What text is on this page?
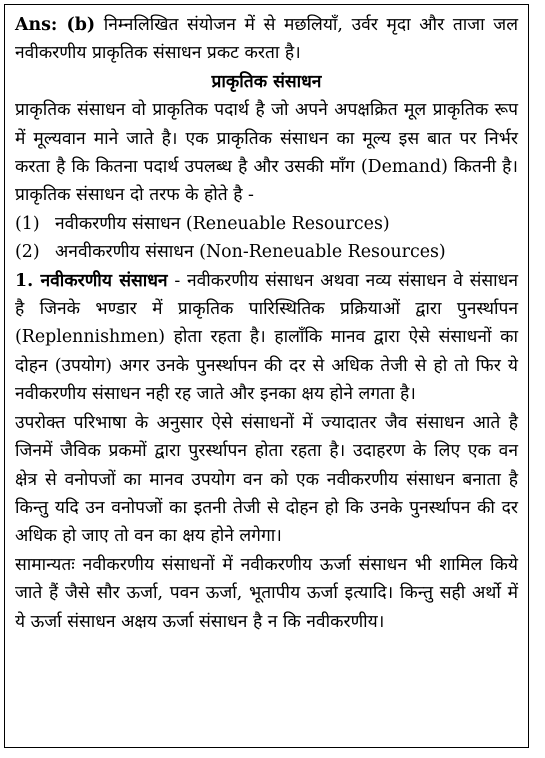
Ans: (b) निम्नलिखित संयोजन में से मछलियाँ, उर्वर मृदा और ताजा जल नवीकरणीय प्राकृतिक संसाधन प्रकट करता है।

प्राकृतिक संसाधन

प्राकृतिक संसाधन वो प्राकृतिक पदार्थ है जो अपने अपक्षक्रित मूल प्राकृतिक रूप में मूल्यवान माने जाते है। एक प्राकृतिक संसाधन का मूल्य इस बात पर निर्भर करता है कि कितना पदार्थ उपलब्ध है और उसकी माँग (Demand) कितनी है। प्राकृतिक संसाधन दो तरफ के होते है -

(1) नवीकरणीय संसाधन (Reneuable Resources)
(2) अनवीकरणीय संसाधन (Non-Reneuable Resources)

1. नवीकरणीय संसाधन - नवीकरणीय संसाधन अथवा नव्य संसाधन वे संसाधन है जिनके भण्डार में प्राकृतिक पारिस्थितिक प्रक्रियाओं द्वारा पुनर्स्थापन (Replennishmen) होता रहता है। हालाँकि मानव द्वारा ऐसे संसाधनों का दोहन (उपयोग) अगर उनके पुनर्स्थापन की दर से अधिक तेजी से हो तो फिर ये नवीकरणीय संसाधन नही रह जाते और इनका क्षय होने लगता है।

उपरोक्त परिभाषा के अनुसार ऐसे संसाधनों में ज्यादातर जैव संसाधन आते है जिनमें जैविक प्रकमों द्वारा पुरर्स्थापन होता रहता है। उदाहरण के लिए एक वन क्षेत्र से वनोपजों का मानव उपयोग वन को एक नवीकरणीय संसाधन बनाता है किन्तु यदि उन वनोपजों का इतनी तेजी से दोहन हो कि उनके पुनर्स्थापन की दर अधिक हो जाए तो वन का क्षय होने लगेगा।

सामान्यतः नवीकरणीय संसाधनों में नवीकरणीय ऊर्जा संसाधन भी शामिल किये जाते हैं जैसे सौर ऊर्जा, पवन ऊर्जा, भूतापीय ऊर्जा इत्यादि। किन्तु सही अर्थो में ये ऊर्जा संसाधन अक्षय ऊर्जा संसाधन है न कि नवीकरणीय।
